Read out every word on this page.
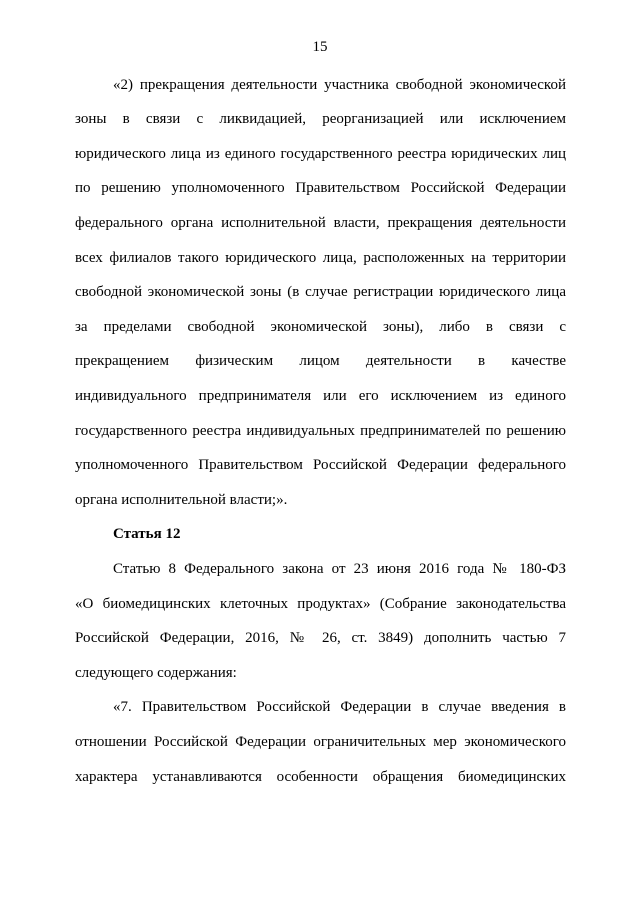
15
«2) прекращения деятельности участника свободной экономической
зоны в связи с ликвидацией, реорганизацией или исключением
юридического лица из единого государственного реестра юридических лиц
по решению уполномоченного Правительством Российской Федерации
федерального органа исполнительной власти, прекращения деятельности
всех филиалов такого юридического лица, расположенных на территории
свободной экономической зоны (в случае регистрации юридического лица
за пределами свободной экономической зоны), либо в связи с
прекращением физическим лицом деятельности в качестве
индивидуального предпринимателя или его исключением из единого
государственного реестра индивидуальных предпринимателей по решению
уполномоченного Правительством Российской Федерации федерального
органа исполнительной власти;».
Статья 12
Статью 8 Федерального закона от 23 июня 2016 года № 180-ФЗ
«О биомедицинских клеточных продуктах» (Собрание законодательства
Российской Федерации, 2016, № 26, ст. 3849) дополнить частью 7
следующего содержания:
«7. Правительством Российской Федерации в случае введения в
отношении Российской Федерации ограничительных мер экономического
характера устанавливаются особенности обращения биомедицинских
